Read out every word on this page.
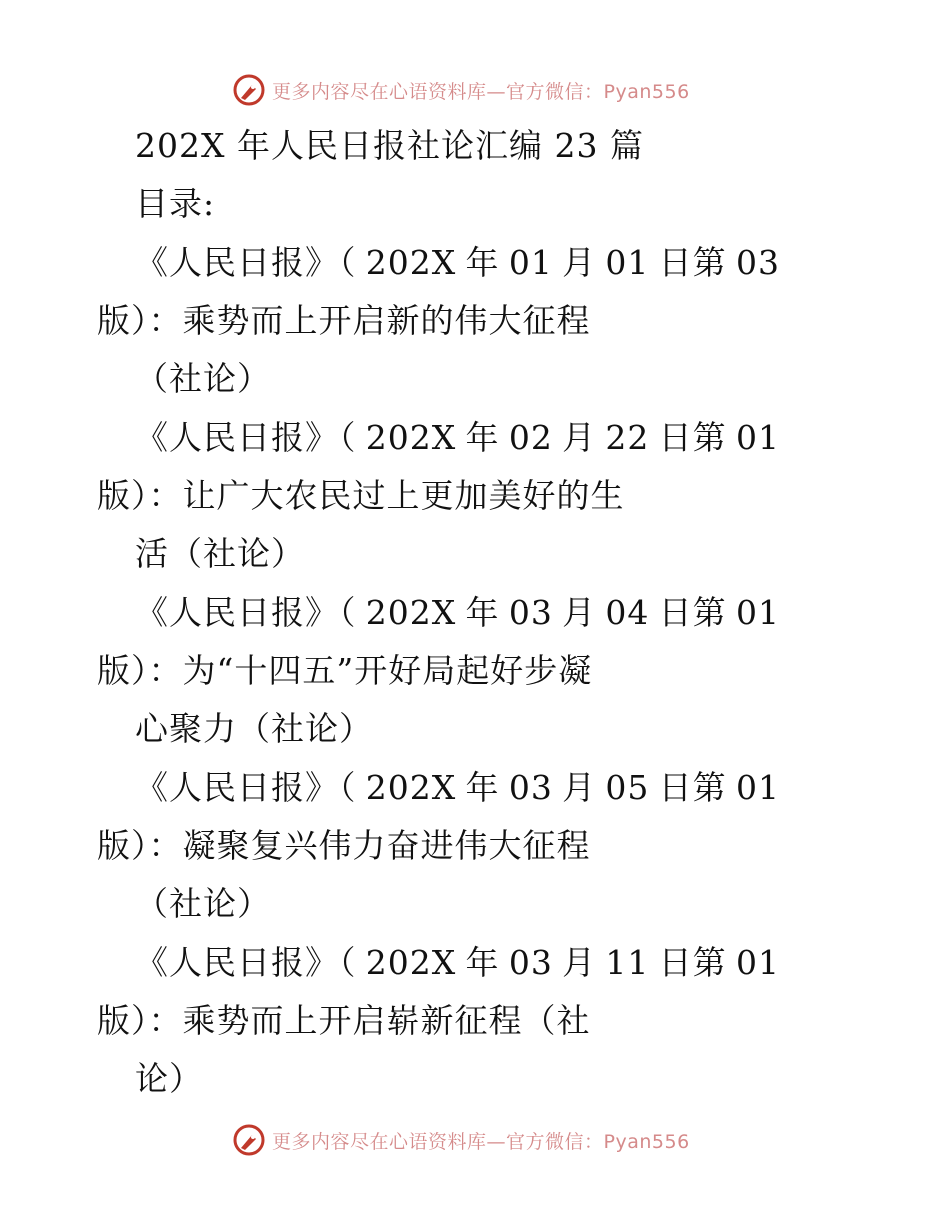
更多内容尽在心语资料库—官方微信：Pyan556
202X 年人民日报社论汇编 23 篇
目录:
《人民日报》（ 202X 年 01 月 01 日第 03
版）：乘势而上开启新的伟大征程
（社论）
《人民日报》（ 202X 年 02 月 22 日第 01
版）：让广大农民过上更加美好的生
活（社论）
《人民日报》（ 202X 年 03 月 04 日第 01
版）：为“十四五”开好局起好步凝
心聚力（社论）
《人民日报》（ 202X 年 03 月 05 日第 01
版）：凝聚复兴伟力奋进伟大征程
（社论）
《人民日报》（ 202X 年 03 月 11 日第 01
版）：乘势而上开启崭新征程（社
论）
更多内容尽在心语资料库—官方微信：Pyan556
